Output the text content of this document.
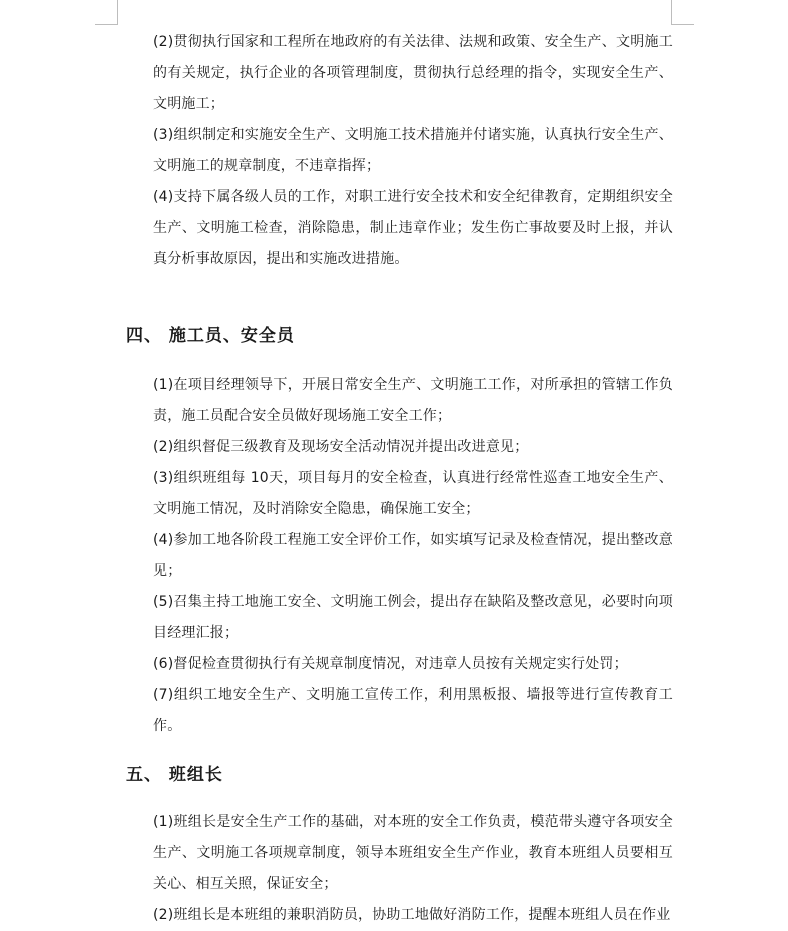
(2)贯彻执行国家和工程所在地政府的有关法律、法规和政策、安全生产、文明施工的有关规定，执行企业的各项管理制度，贯彻执行总经理的指令，实现安全生产、文明施工；

(3)组织制定和实施安全生产、文明施工技术措施并付诸实施，认真执行安全生产、文明施工的规章制度，不违章指挥；

(4)支持下属各级人员的工作，对职工进行安全技术和安全纪律教育，定期组织安全生产、文明施工检查，消除隐患，制止违章作业；发生伤亡事故要及时上报，并认真分析事故原因，提出和实施改进措施。

四、 施工员、安全员

(1)在项目经理领导下，开展日常安全生产、文明施工工作，对所承担的管辖工作负责，施工员配合安全员做好现场施工安全工作；

(2)组织督促三级教育及现场安全活动情况并提出改进意见；

(3)组织班组每 10天，项目每月的安全检查，认真进行经常性巡查工地安全生产、文明施工情况，及时消除安全隐患，确保施工安全；

(4)参加工地各阶段工程施工安全评价工作，如实填写记录及检查情况，提出整改意见；

(5)召集主持工地施工安全、文明施工例会，提出存在缺陷及整改意见，必要时向项目经理汇报；

(6)督促检查贯彻执行有关规章制度情况，对违章人员按有关规定实行处罚；

(7)组织工地安全生产、文明施工宣传工作，利用黑板报、墙报等进行宣传教育工作。

五、 班组长

(1)班组长是安全生产工作的基础，对本班的安全工作负责，模范带头遵守各项安全生产、文明施工各项规章制度，领导本班组安全生产作业，教育本班组人员要相互关心、相互关照，保证安全；

(2)班组长是本班组的兼职消防员，协助工地做好消防工作，提醒本班组人员在作业
